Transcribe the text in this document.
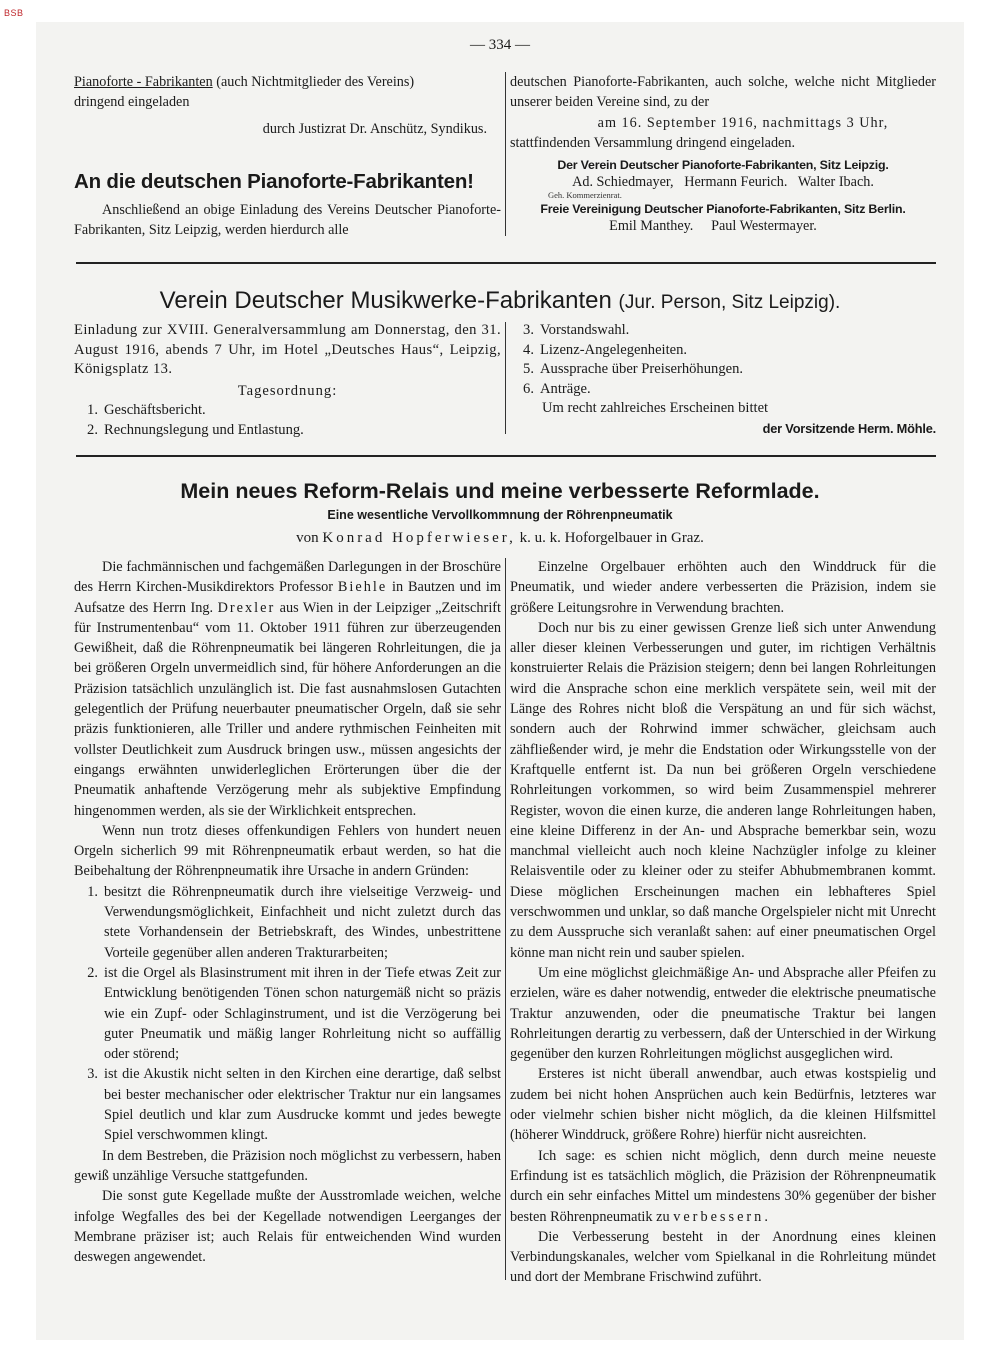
BSB
— 334 —

Pianoforte - Fabrikanten (auch Nichtmitglieder des Vereins)

dringend eingeladen

durch Justizrat Dr. Anschütz, Syndikus.

An die deutschen Pianoforte-Fabrikanten!

Anschließend an obige Einladung des Vereins Deutscher Pianoforte-Fabrikanten, Sitz Leipzig, werden hierdurch alle

deutschen Pianoforte-Fabrikanten, auch solche, welche nicht Mitglieder unserer beiden Vereine sind, zu der

am 16. September 1916, nachmittags 3 Uhr,

stattfindenden Versammlung dringend eingeladen.

Der Verein Deutscher Pianoforte-Fabrikanten, Sitz Leipzig.

Ad. Schiedmayer,   Hermann Feurich.   Walter Ibach.

Geh. Kommerzienrat.

Freie Vereinigung Deutscher Pianoforte-Fabrikanten, Sitz Berlin.

Emil Manthey.     Paul Westermayer.

Verein Deutscher Musikwerke-Fabrikanten (Jur. Person, Sitz Leipzig).

Einladung zur XVIII. Generalversammlung am Donnerstag, den 31. August 1916, abends 7 Uhr, im Hotel „Deutsches Haus“, Leipzig, Königsplatz 13.

Tagesordnung:

1. Geschäftsbericht.
2. Rechnungslegung und Entlastung.
3. Vorstandswahl.
4. Lizenz-Angelegenheiten.
5. Aussprache über Preiserhöhungen.
6. Anträge.

Um recht zahlreiches Erscheinen bittet

der Vorsitzende Herm. Möhle.

Mein neues Reform-Relais und meine verbesserte Reformlade.
Eine wesentliche Vervollkommnung der Röhrenpneumatik
von Konrad Hopferwieser, k. u. k. Hoforgelbauer in Graz.

Die fachmännischen und fachgemäßen Darlegungen in der Broschüre des Herrn Kirchen-Musikdirektors Professor Biehle in Bautzen und im Aufsatze des Herrn Ing. Drexler aus Wien in der Leipziger „Zeitschrift für Instrumentenbau“ vom 11. Oktober 1911 führen zur überzeugenden Gewißheit, daß die Röhrenpneumatik bei längeren Rohrleitungen, die ja bei größeren Orgeln unvermeidlich sind, für höhere Anforderungen an die Präzision tatsächlich unzulänglich ist. Die fast ausnahmslosen Gutachten gelegentlich der Prüfung neuerbauter pneumatischer Orgeln, daß sie sehr präzis funktionieren, alle Triller und andere rythmischen Feinheiten mit vollster Deutlichkeit zum Ausdruck bringen usw., müssen angesichts der eingangs erwähnten unwiderleglichen Erörterungen über die der Pneumatik anhaftende Verzögerung mehr als subjektive Empfindung hingenommen werden, als sie der Wirklichkeit entsprechen.

Wenn nun trotz dieses offenkundigen Fehlers von hundert neuen Orgeln sicherlich 99 mit Röhrenpneumatik erbaut werden, so hat die Beibehaltung der Röhrenpneumatik ihre Ursache in andern Gründen:

1. besitzt die Röhrenpneumatik durch ihre vielseitige Verzweig- und Verwendungsmöglichkeit, Einfachheit und nicht zuletzt durch das stete Vorhandensein der Betriebskraft, des Windes, unbestrittene Vorteile gegenüber allen anderen Trakturarbeiten;
2. ist die Orgel als Blasinstrument mit ihren in der Tiefe etwas Zeit zur Entwicklung benötigenden Tönen schon naturgemäß nicht so präzis wie ein Zupf- oder Schlaginstrument, und ist die Verzögerung bei guter Pneumatik und mäßig langer Rohrleitung nicht so auffällig oder störend;
3. ist die Akustik nicht selten in den Kirchen eine derartige, daß selbst bei bester mechanischer oder elektrischer Traktur nur ein langsames Spiel deutlich und klar zum Ausdrucke kommt und jedes bewegte Spiel verschwommen klingt.

In dem Bestreben, die Präzision noch möglichst zu verbessern, haben gewiß unzählige Versuche stattgefunden.

Die sonst gute Kegellade mußte der Ausstromlade weichen, welche infolge Wegfalles des bei der Kegellade notwendigen Leerganges der Membrane präziser ist; auch Relais für entweichenden Wind wurden deswegen angewendet.

Einzelne Orgelbauer erhöhten auch den Winddruck für die Pneumatik, und wieder andere verbesserten die Präzision, indem sie größere Leitungsrohre in Verwendung brachten.

Doch nur bis zu einer gewissen Grenze ließ sich unter Anwendung aller dieser kleinen Verbesserungen und guter, im richtigen Verhältnis konstruierter Relais die Präzision steigern; denn bei langen Rohrleitungen wird die Ansprache schon eine merklich verspätete sein, weil mit der Länge des Rohres nicht bloß die Verspätung an und für sich wächst, sondern auch der Rohrwind immer schwächer, gleichsam auch zähfließender wird, je mehr die Endstation oder Wirkungsstelle von der Kraftquelle entfernt ist. Da nun bei größeren Orgeln verschiedene Rohrleitungen vorkommen, so wird beim Zusammenspiel mehrerer Register, wovon die einen kurze, die anderen lange Rohrleitungen haben, eine kleine Differenz in der An- und Absprache bemerkbar sein, wozu manchmal vielleicht auch noch kleine Nachzügler infolge zu kleiner Relaisventile oder zu kleiner oder zu steifer Abhubmembranen kommt. Diese möglichen Erscheinungen machen ein lebhafteres Spiel verschwommen und unklar, so daß manche Orgelspieler nicht mit Unrecht zu dem Ausspruche sich veranlaßt sahen: auf einer pneumatischen Orgel könne man nicht rein und sauber spielen.

Um eine möglichst gleichmäßige An- und Absprache aller Pfeifen zu erzielen, wäre es daher notwendig, entweder die elektrische pneumatische Traktur anzuwenden, oder die pneumatische Traktur bei langen Rohrleitungen derartig zu verbessern, daß der Unterschied in der Wirkung gegenüber den kurzen Rohrleitungen möglichst ausgeglichen wird.

Ersteres ist nicht überall anwendbar, auch etwas kostspielig und zudem bei nicht hohen Ansprüchen auch kein Bedürfnis, letzteres war oder vielmehr schien bisher nicht möglich, da die kleinen Hilfsmittel (höherer Winddruck, größere Rohre) hierfür nicht ausreichten.

Ich sage: es schien nicht möglich, denn durch meine neueste Erfindung ist es tatsächlich möglich, die Präzision der Röhrenpneumatik durch ein sehr einfaches Mittel um mindestens 30% gegenüber der bisher besten Röhrenpneumatik zu verbessern.

Die Verbesserung besteht in der Anordnung eines kleinen Verbindungskanales, welcher vom Spielkanal in die Rohrleitung mündet und dort der Membrane Frischwind zuführt.
